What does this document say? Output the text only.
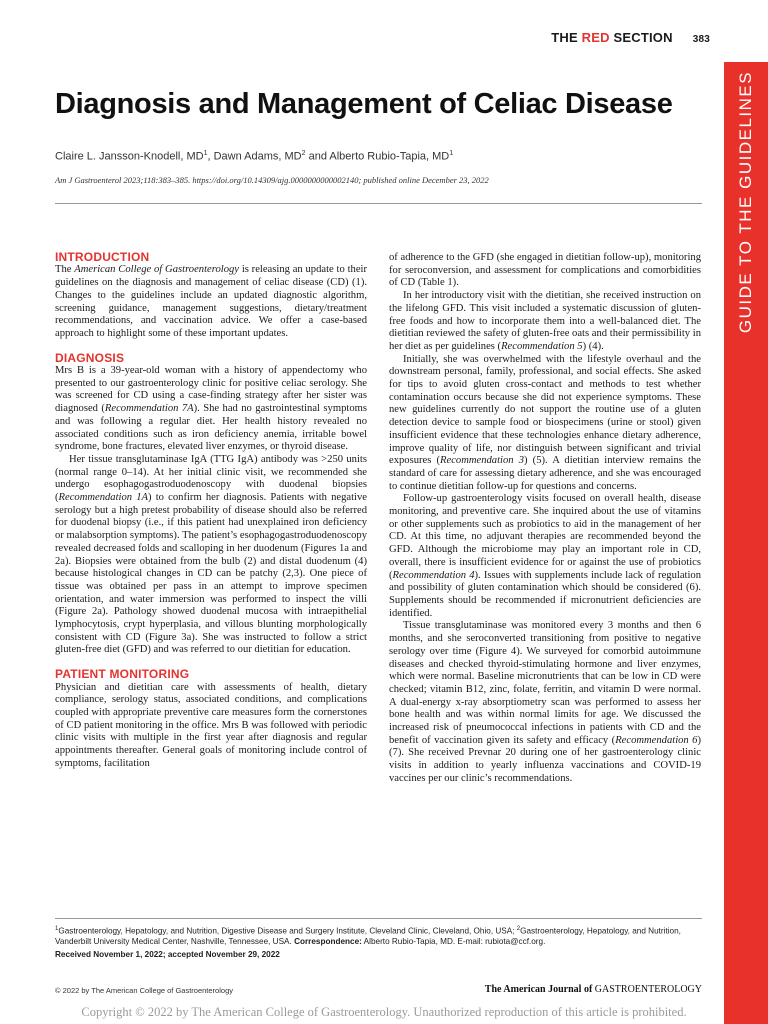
THE RED SECTION 383
GUIDE TO THE GUIDELINES
Diagnosis and Management of Celiac Disease
Claire L. Jansson-Knodell, $MD^1$, Dawn Adams, $MD^2$ and Alberto Rubio-Tapia, $MD^1$
Am J Gastroenterol 2023;118:383–385. https://doi.org/10.14309/ajg.0000000000002140; published online December 23, 2022
INTRODUCTION

The American College of Gastroenterology is releasing an update to their guidelines on the diagnosis and management of celiac disease (CD) (1). Changes to the guidelines include an updated diagnostic algorithm, screening guidance, management suggestions, dietary/treatment recommendations, and vaccination advice. We offer a case-based approach to highlight some of these important updates.

DIAGNOSIS

Mrs B is a 39-year-old woman with a history of appendectomy who presented to our gastroenterology clinic for positive celiac serology. She was screened for CD using a case-finding strategy after her sister was diagnosed (Recommendation 7A). She had no gastrointestinal symptoms and was following a regular diet. Her health history revealed no associated conditions such as iron deficiency anemia, irritable bowel syndrome, bone fractures, elevated liver enzymes, or thyroid disease.

Her tissue transglutaminase IgA (TTG IgA) antibody was >250 units (normal range 0–14). At her initial clinic visit, we recommended she undergo esophagogastroduodenoscopy with duodenal biopsies (Recommendation 1A) to confirm her diagnosis. Patients with negative serology but a high pretest probability of disease should also be referred for duodenal biopsy (i.e., if this patient had unexplained iron deficiency or malabsorption symptoms). The patient’s esophagogastroduodenoscopy revealed decreased folds and scalloping in her duodenum (Figures 1a and 2a). Biopsies were obtained from the bulb (2) and distal duodenum (4) because histological changes in CD can be patchy (2,3). One piece of tissue was obtained per pass in an attempt to improve specimen orientation, and water immersion was performed to inspect the villi (Figure 2a). Pathology showed duodenal mucosa with intraepithelial lymphocytosis, crypt hyperplasia, and villous blunting morphologically consistent with CD (Figure 3a). She was instructed to follow a strict gluten-free diet (GFD) and was referred to our dietitian for education.

PATIENT MONITORING

Physician and dietitian care with assessments of health, dietary compliance, serology status, associated conditions, and complications coupled with appropriate preventive care measures form the cornerstones of CD patient monitoring in the office. Mrs B was followed with periodic clinic visits with multiple in the first year after diagnosis and regular appointments thereafter. General goals of monitoring include control of symptoms, facilitation

of adherence to the GFD (she engaged in dietitian follow-up), monitoring for seroconversion, and assessment for complications and comorbidities of CD (Table 1).

In her introductory visit with the dietitian, she received instruction on the lifelong GFD. This visit included a systematic discussion of gluten-free foods and how to incorporate them into a well-balanced diet. The dietitian reviewed the safety of gluten-free oats and their permissibility in her diet as per guidelines (Recommendation 5) (4).

Initially, she was overwhelmed with the lifestyle overhaul and the downstream personal, family, professional, and social effects. She asked for tips to avoid gluten cross-contact and methods to test whether contamination occurs because she did not experience symptoms. These new guidelines currently do not support the routine use of a gluten detection device to sample food or biospecimens (urine or stool) given insufficient evidence that these technologies enhance dietary adherence, improve quality of life, nor distinguish between significant and trivial exposures (Recommendation 3) (5). A dietitian interview remains the standard of care for assessing dietary adherence, and she was encouraged to continue dietitian follow-up for questions and concerns.

Follow-up gastroenterology visits focused on overall health, disease monitoring, and preventive care. She inquired about the use of vitamins or other supplements such as probiotics to aid in the management of her CD. At this time, no adjuvant therapies are recommended beyond the GFD. Although the microbiome may play an important role in CD, overall, there is insufficient evidence for or against the use of probiotics (Recommendation 4). Issues with supplements include lack of regulation and possibility of gluten contamination which should be considered (6). Supplements should be recommended if micronutrient deficiencies are identified.

Tissue transglutaminase was monitored every 3 months and then 6 months, and she seroconverted transitioning from positive to negative serology over time (Figure 4). We surveyed for comorbid autoimmune diseases and checked thyroid-stimulating hormone and liver enzymes, which were normal. Baseline micronutrients that can be low in CD were checked; vitamin B12, zinc, folate, ferritin, and vitamin D were normal. A dual-energy x-ray absorptiometry scan was performed to assess her bone health and was within normal limits for age. We discussed the increased risk of pneumococcal infections in patients with CD and the benefit of vaccination given its safety and efficacy (Recommendation 6) (7). She received Prevnar 20 during one of her gastroenterology clinic visits in addition to yearly influenza vaccinations and COVID-19 vaccines per our clinic’s recommendations.

$^1$Gastroenterology, Hepatology, and Nutrition, Digestive Disease and Surgery Institute, Cleveland Clinic, Cleveland, Ohio, USA; $^2$Gastroenterology, Hepatology, and Nutrition, Vanderbilt University Medical Center, Nashville, Tennessee, USA. Correspondence: Alberto Rubio-Tapia, MD. E-mail: rubiota@ccf.org.
Received November 1, 2022; accepted November 29, 2022
© 2022 by The American College of Gastroenterology	The American Journal of GASTROENTEROLOGY
Copyright © 2022 by The American College of Gastroenterology. Unauthorized reproduction of this article is prohibited.
